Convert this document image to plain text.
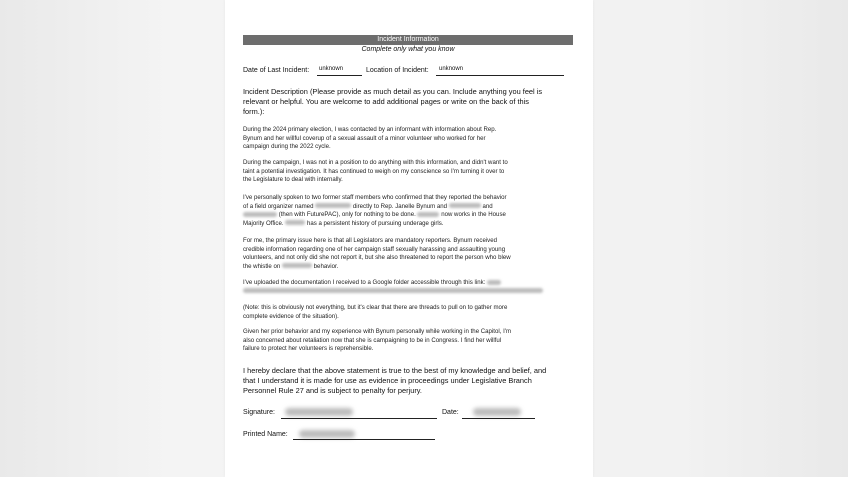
Incident Information
Complete only what you know
Date of Last Incident: unknown	Location of Incident: unknown
Incident Description (Please provide as much detail as you can. Include anything you feel is
relevant or helpful. You are welcome to add additional pages or write on the back of this
form.):
During the 2024 primary election, I was contacted by an informant with information about Rep.
Bynum and her willful coverup of a sexual assault of a minor volunteer who worked for her
campaign during the 2022 cycle.
During the campaign, I was not in a position to do anything with this information, and didn't want to
taint a potential investigation. It has continued to weigh on my conscience so I'm turning it over to
the Legislature to deal with internally.
I've personally spoken to two former staff members who confirmed that they reported the behavior
of a field organizer named	directly to Rep. Janelle Bynum and	and
(then with FuturePAC), only for nothing to be done.	now works in the House
Majority Office.	has a persistent history of pursuing underage girls.
For me, the primary issue here is that all Legislators are mandatory reporters. Bynum received
credible information regarding one of her campaign staff sexually harassing and assaulting young
volunteers, and not only did she not report it, but she also threatened to report the person who blew
the whistle on	behavior.
I've uploaded the documentation I received to a Google folder accessible through this link:
(Note: this is obviously not everything, but it's clear that there are threads to pull on to gather more
complete evidence of the situation).
Given her prior behavior and my experience with Bynum personally while working in the Capitol, I'm
also concerned about retaliation now that she is campaigning to be in Congress. I find her willful
failure to protect her volunteers is reprehensible.
I hereby declare that the above statement is true to the best of my knowledge and belief, and
that I understand it is made for use as evidence in proceedings under Legislative Branch
Personnel Rule 27 and is subject to penalty for perjury.
Signature:	Date:
Printed Name:
